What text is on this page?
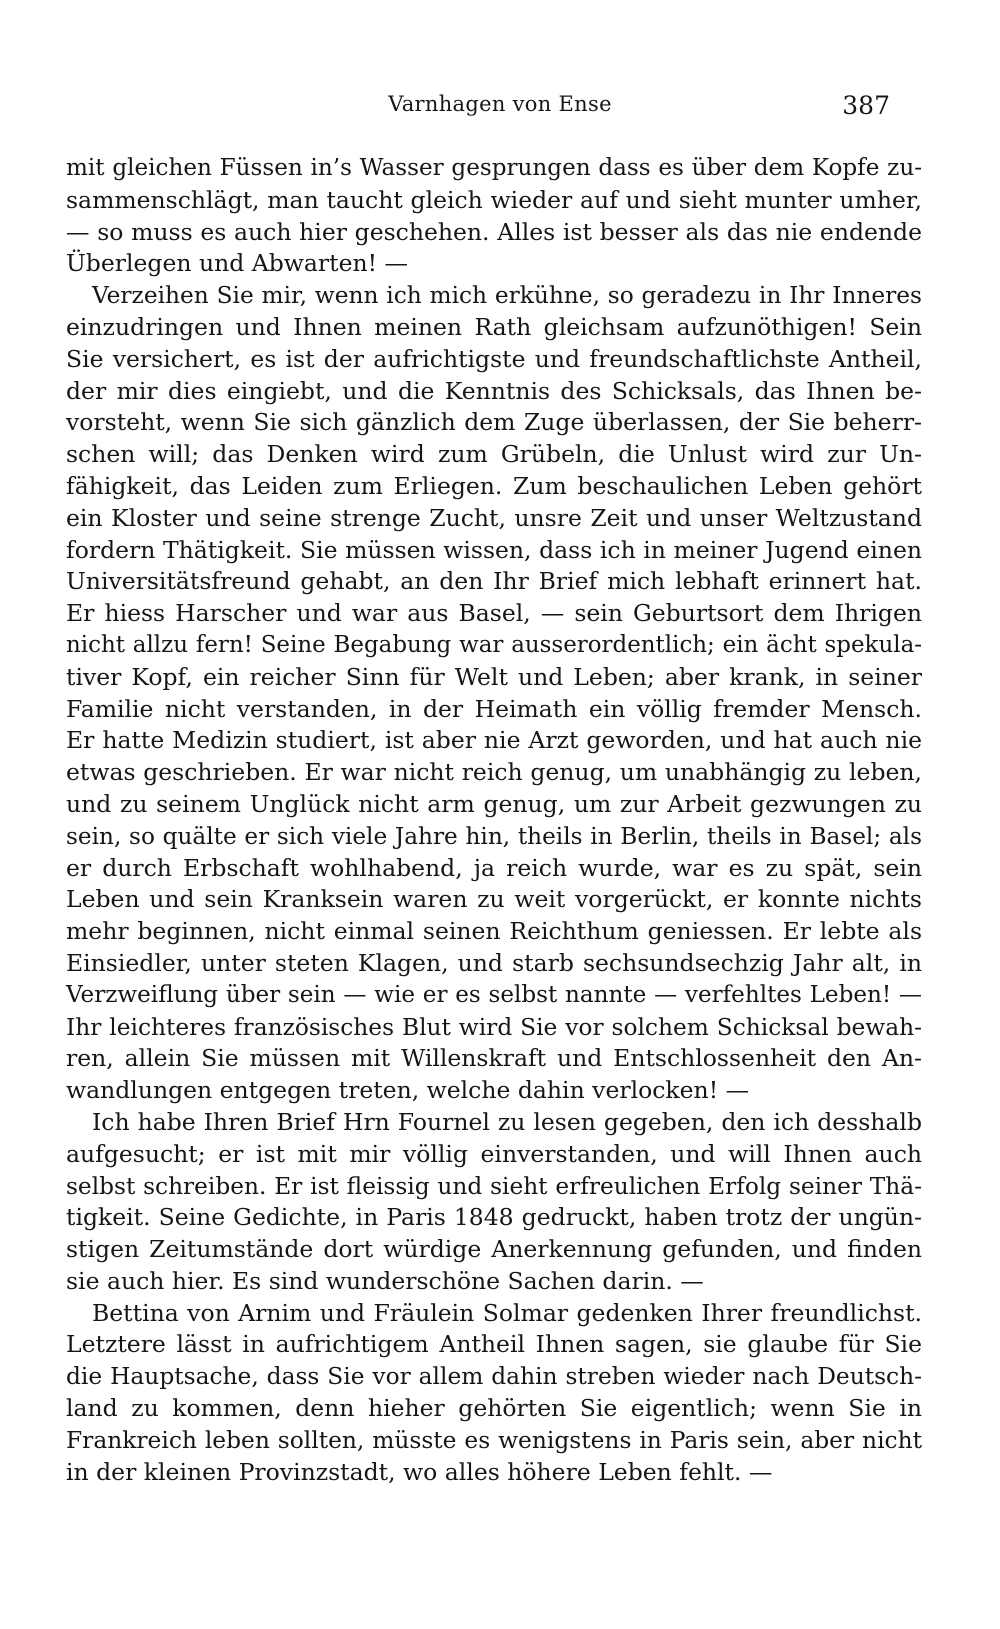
Varnhagen von Ense	387
mit gleichen Füssen in’s Wasser gesprungen dass es über dem Kopfe zu-
sammenschlägt, man taucht gleich wieder auf und sieht munter umher,
— so muss es auch hier geschehen. Alles ist besser als das nie endende
Überlegen und Abwarten! —
Verzeihen Sie mir, wenn ich mich erkühne, so geradezu in Ihr Inneres
einzudringen und Ihnen meinen Rath gleichsam aufzunöthigen! Sein
Sie versichert, es ist der aufrichtigste und freundschaftlichste Antheil,
der mir dies eingiebt, und die Kenntnis des Schicksals, das Ihnen be-
vorsteht, wenn Sie sich gänzlich dem Zuge überlassen, der Sie beherr-
schen will; das Denken wird zum Grübeln, die Unlust wird zur Un-
fähigkeit, das Leiden zum Erliegen. Zum beschaulichen Leben gehört
ein Kloster und seine strenge Zucht, unsre Zeit und unser Weltzustand
fordern Thätigkeit. Sie müssen wissen, dass ich in meiner Jugend einen
Universitätsfreund gehabt, an den Ihr Brief mich lebhaft erinnert hat.
Er hiess Harscher und war aus Basel, — sein Geburtsort dem Ihrigen
nicht allzu fern! Seine Begabung war ausserordentlich; ein ächt spekula-
tiver Kopf, ein reicher Sinn für Welt und Leben; aber krank, in seiner
Familie nicht verstanden, in der Heimath ein völlig fremder Mensch.
Er hatte Medizin studiert, ist aber nie Arzt geworden, und hat auch nie
etwas geschrieben. Er war nicht reich genug, um unabhängig zu leben,
und zu seinem Unglück nicht arm genug, um zur Arbeit gezwungen zu
sein, so quälte er sich viele Jahre hin, theils in Berlin, theils in Basel; als
er durch Erbschaft wohlhabend, ja reich wurde, war es zu spät, sein
Leben und sein Kranksein waren zu weit vorgerückt, er konnte nichts
mehr beginnen, nicht einmal seinen Reichthum geniessen. Er lebte als
Einsiedler, unter steten Klagen, und starb sechsundsechzig Jahr alt, in
Verzweiflung über sein — wie er es selbst nannte — verfehltes Leben! —
Ihr leichteres französisches Blut wird Sie vor solchem Schicksal bewah-
ren, allein Sie müssen mit Willenskraft und Entschlossenheit den An-
wandlungen entgegen treten, welche dahin verlocken! —
Ich habe Ihren Brief Hrn Fournel zu lesen gegeben, den ich desshalb
aufgesucht; er ist mit mir völlig einverstanden, und will Ihnen auch
selbst schreiben. Er ist fleissig und sieht erfreulichen Erfolg seiner Thä-
tigkeit. Seine Gedichte, in Paris 1848 gedruckt, haben trotz der ungün-
stigen Zeitumstände dort würdige Anerkennung gefunden, und finden
sie auch hier. Es sind wunderschöne Sachen darin. —
Bettina von Arnim und Fräulein Solmar gedenken Ihrer freundlichst.
Letztere lässt in aufrichtigem Antheil Ihnen sagen, sie glaube für Sie
die Hauptsache, dass Sie vor allem dahin streben wieder nach Deutsch-
land zu kommen, denn hieher gehörten Sie eigentlich; wenn Sie in
Frankreich leben sollten, müsste es wenigstens in Paris sein, aber nicht
in der kleinen Provinzstadt, wo alles höhere Leben fehlt. —
